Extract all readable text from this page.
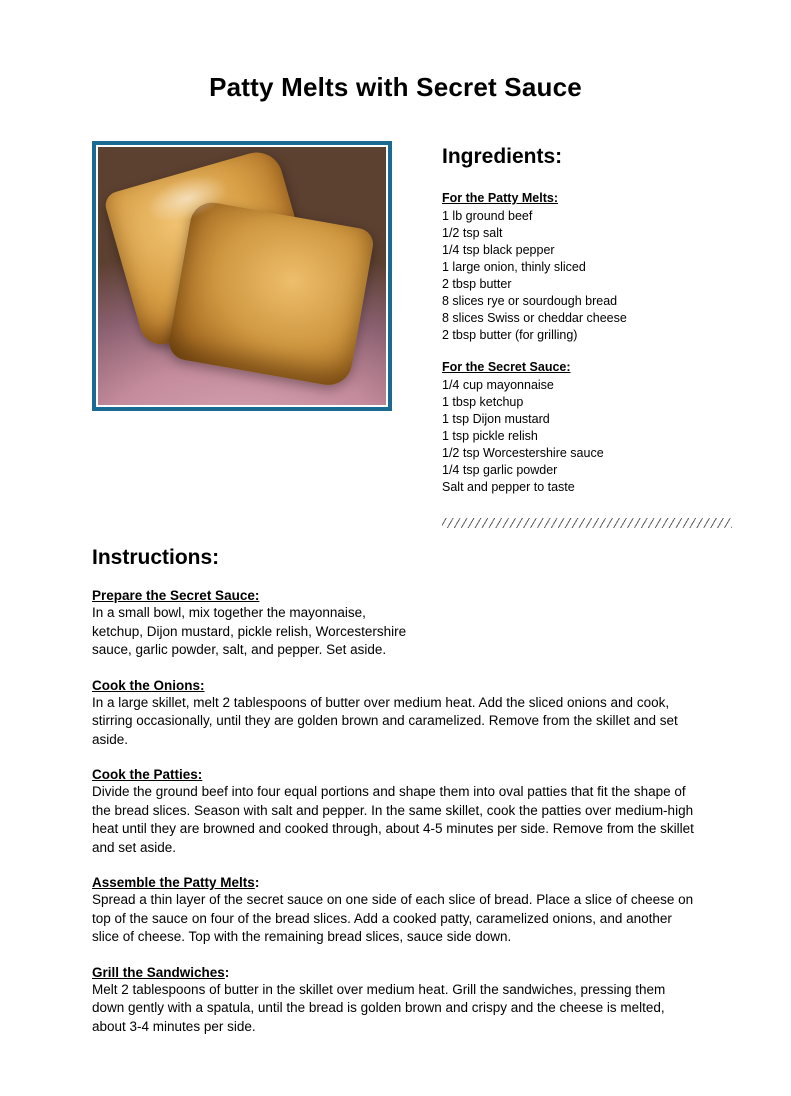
Patty Melts with Secret Sauce
Ingredients:

For the Patty Melts:

1 lb ground beef
1/2 tsp salt
1/4 tsp black pepper
1 large onion, thinly sliced
2 tbsp butter
8 slices rye or sourdough bread
8 slices Swiss or cheddar cheese
2 tbsp butter (for grilling)

For the Secret Sauce:

1/4 cup mayonnaise
1 tbsp ketchup
1 tsp Dijon mustard
1 tsp pickle relish
1/2 tsp Worcestershire sauce
1/4 tsp garlic powder
Salt and pepper to taste
Instructions:

Prepare the Secret Sauce:

In a small bowl, mix together the mayonnaise, ketchup, Dijon mustard, pickle relish, Worcestershire sauce, garlic powder, salt, and pepper. Set aside.

Cook the Onions:

In a large skillet, melt 2 tablespoons of butter over medium heat. Add the sliced onions and cook, stirring occasionally, until they are golden brown and caramelized. Remove from the skillet and set aside.

Cook the Patties:

Divide the ground beef into four equal portions and shape them into oval patties that fit the shape of the bread slices. Season with salt and pepper. In the same skillet, cook the patties over medium-high heat until they are browned and cooked through, about 4-5 minutes per side. Remove from the skillet and set aside.

Assemble the Patty Melts:

Spread a thin layer of the secret sauce on one side of each slice of bread. Place a slice of cheese on top of the sauce on four of the bread slices. Add a cooked patty, caramelized onions, and another slice of cheese. Top with the remaining bread slices, sauce side down.

Grill the Sandwiches:

Melt 2 tablespoons of butter in the skillet over medium heat. Grill the sandwiches, pressing them down gently with a spatula, until the bread is golden brown and crispy and the cheese is melted, about 3-4 minutes per side.
